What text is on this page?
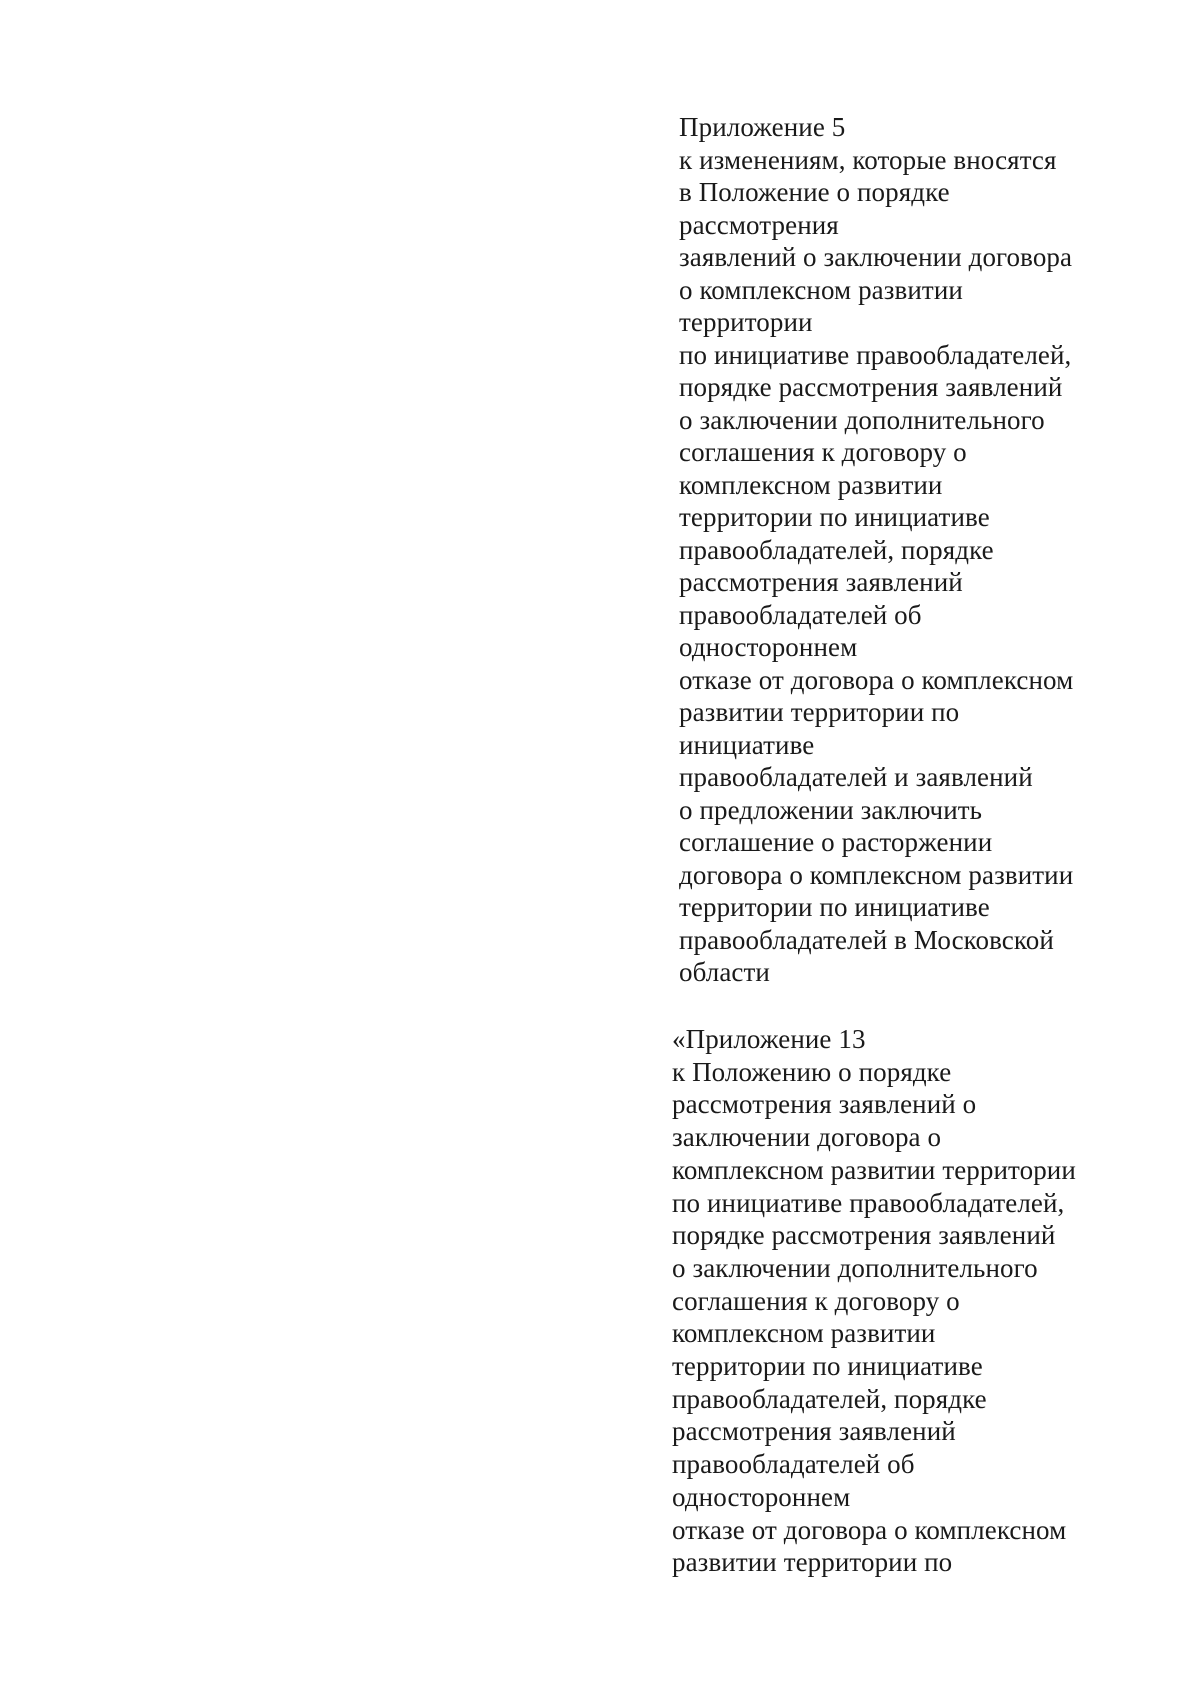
Приложение 5
к изменениям, которые вносятся
в Положение о порядке
рассмотрения
заявлений о заключении договора
о комплексном развитии
территории
по инициативе правообладателей,
порядке рассмотрения заявлений
о заключении дополнительного
соглашения к договору о
комплексном развитии
территории по инициативе
правообладателей, порядке
рассмотрения заявлений
правообладателей об
одностороннем
отказе от договора о комплексном
развитии территории по
инициативе
правообладателей и заявлений
о предложении заключить
соглашение о расторжении
договора о комплексном развитии
территории по инициативе
правообладателей в Московской
области
«Приложение 13
к Положению о порядке
рассмотрения заявлений о
заключении договора о
комплексном развитии территории
по инициативе правообладателей,
порядке рассмотрения заявлений
о заключении дополнительного
соглашения к договору о
комплексном развитии
территории по инициативе
правообладателей, порядке
рассмотрения заявлений
правообладателей об
одностороннем
отказе от договора о комплексном
развитии территории по
